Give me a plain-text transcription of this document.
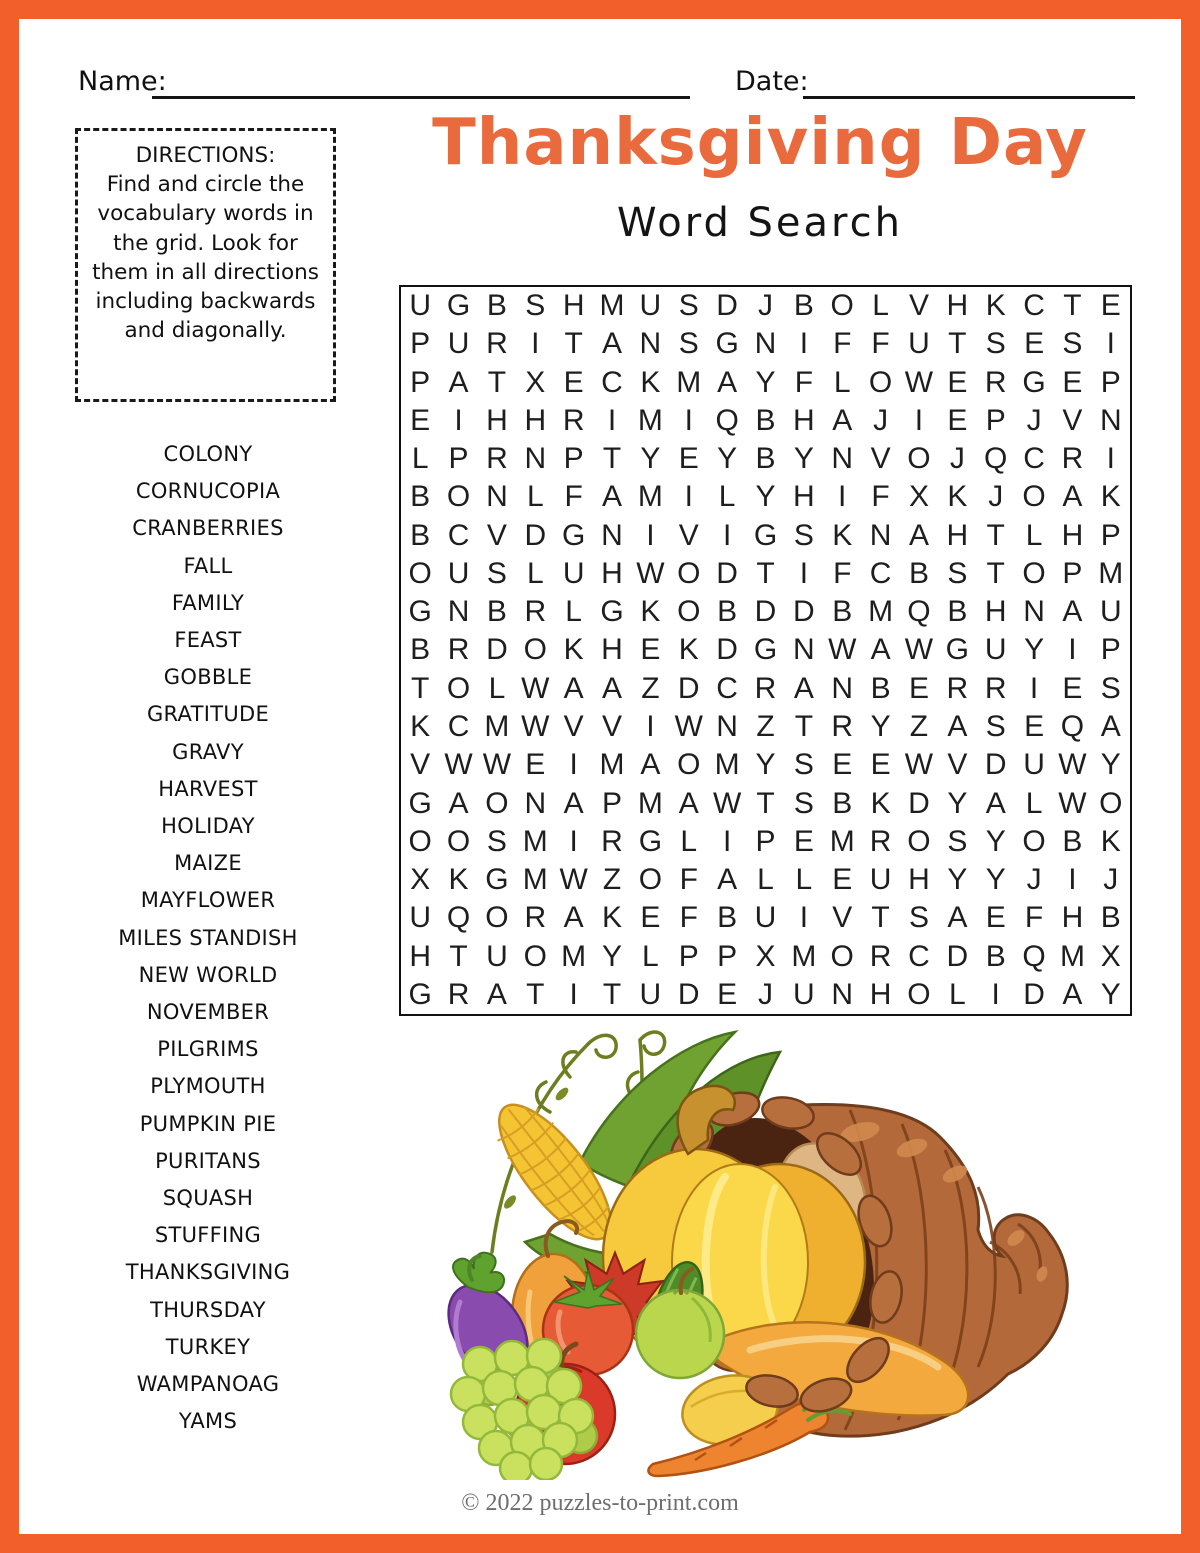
Name:	Date:
DIRECTIONS:
Find and circle the vocabulary words in the grid. Look for them in all directions including backwards and diagonally.
Thanksgiving Day
Word Search
COLONY
CORNUCOPIA
CRANBERRIES
FALL
FAMILY
FEAST
GOBBLE
GRATITUDE
GRAVY
HARVEST
HOLIDAY
MAIZE
MAYFLOWER
MILES STANDISH
NEW WORLD
NOVEMBER
PILGRIMS
PLYMOUTH
PUMPKIN PIE
PURITANS
SQUASH
STUFFING
THANKSGIVING
THURSDAY
TURKEY
WAMPANOAG
YAMS
U G B S H M U S D J B O L V H K C T E
P U R I T A N S G N I F F U T S E S I
P A T X E C K M A Y F L O W E R G E P
E I H H R I M I Q B H A J I E P J V N
L P R N P T Y E Y B Y N V O J Q C R I
B O N L F A M I L Y H I F X K J O A K
B C V D G N I V I G S K N A H T L H P
O U S L U H W O D T I F C B S T O P M
G N B R L G K O B D D B M Q B H N A U
B R D O K H E K D G N W A W G U Y I P
T O L W A A Z D C R A N B E R R I E S
K C M W V V I W N Z T R Y Z A S E Q A
V W W E I M A O M Y S E E W V D U W Y
G A O N A P M A W T S B K D Y A L W O
O O S M I R G L I P E M R O S Y O B K
X K G M W Z O F A L L E U H Y Y J I J
U Q O R A K E F B U I V T S A E F H B
H T U O M Y L P P X M O R C D B Q M X
G R A T I T U D E J U N H O L I D A Y
© 2022 puzzles-to-print.com
